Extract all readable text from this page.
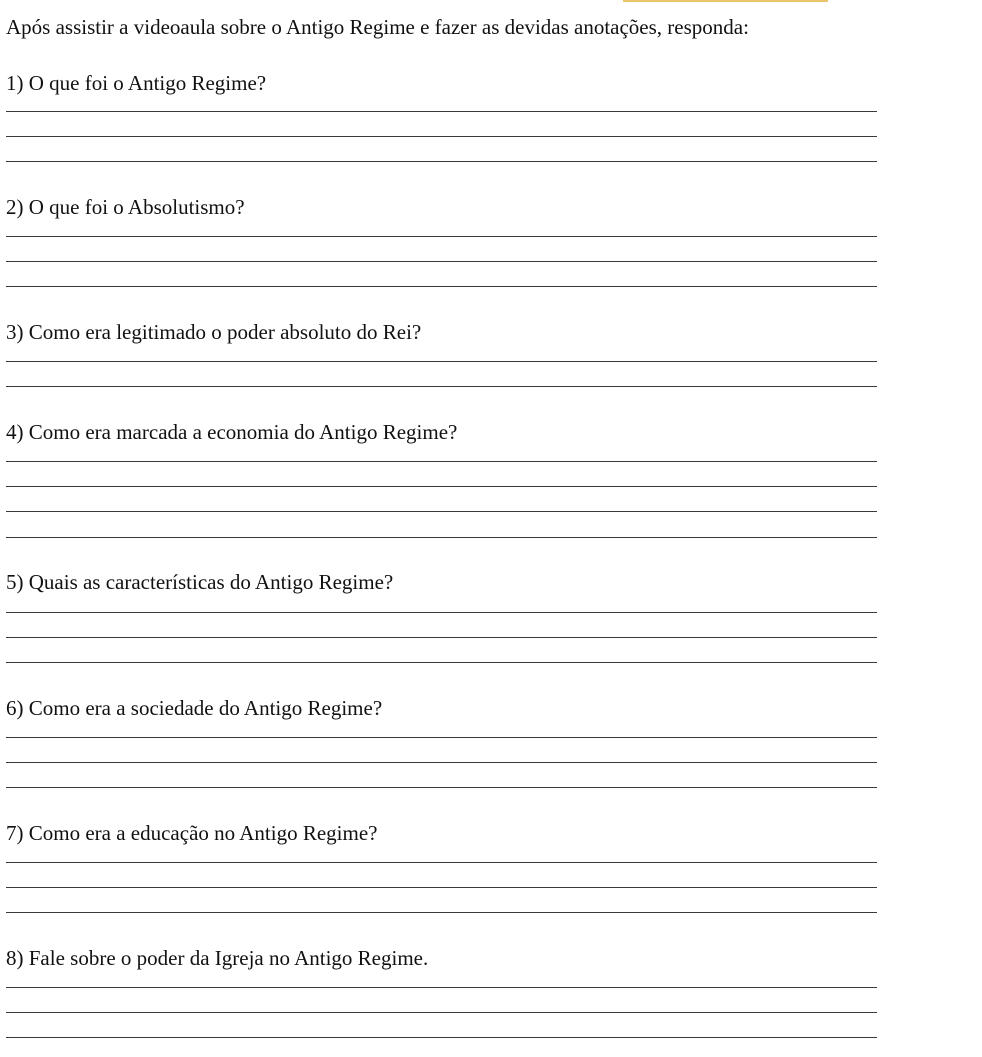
Após assistir a videoaula sobre o Antigo Regime e fazer as devidas anotações, responda:
1) O que foi o Antigo Regime?
2) O que foi o Absolutismo?
3) Como era legitimado o poder absoluto do Rei?
4) Como era marcada a economia do Antigo Regime?
5) Quais as características do Antigo Regime?
6) Como era a sociedade do Antigo Regime?
7) Como era a educação no Antigo Regime?
8) Fale sobre o poder da Igreja no Antigo Regime.
